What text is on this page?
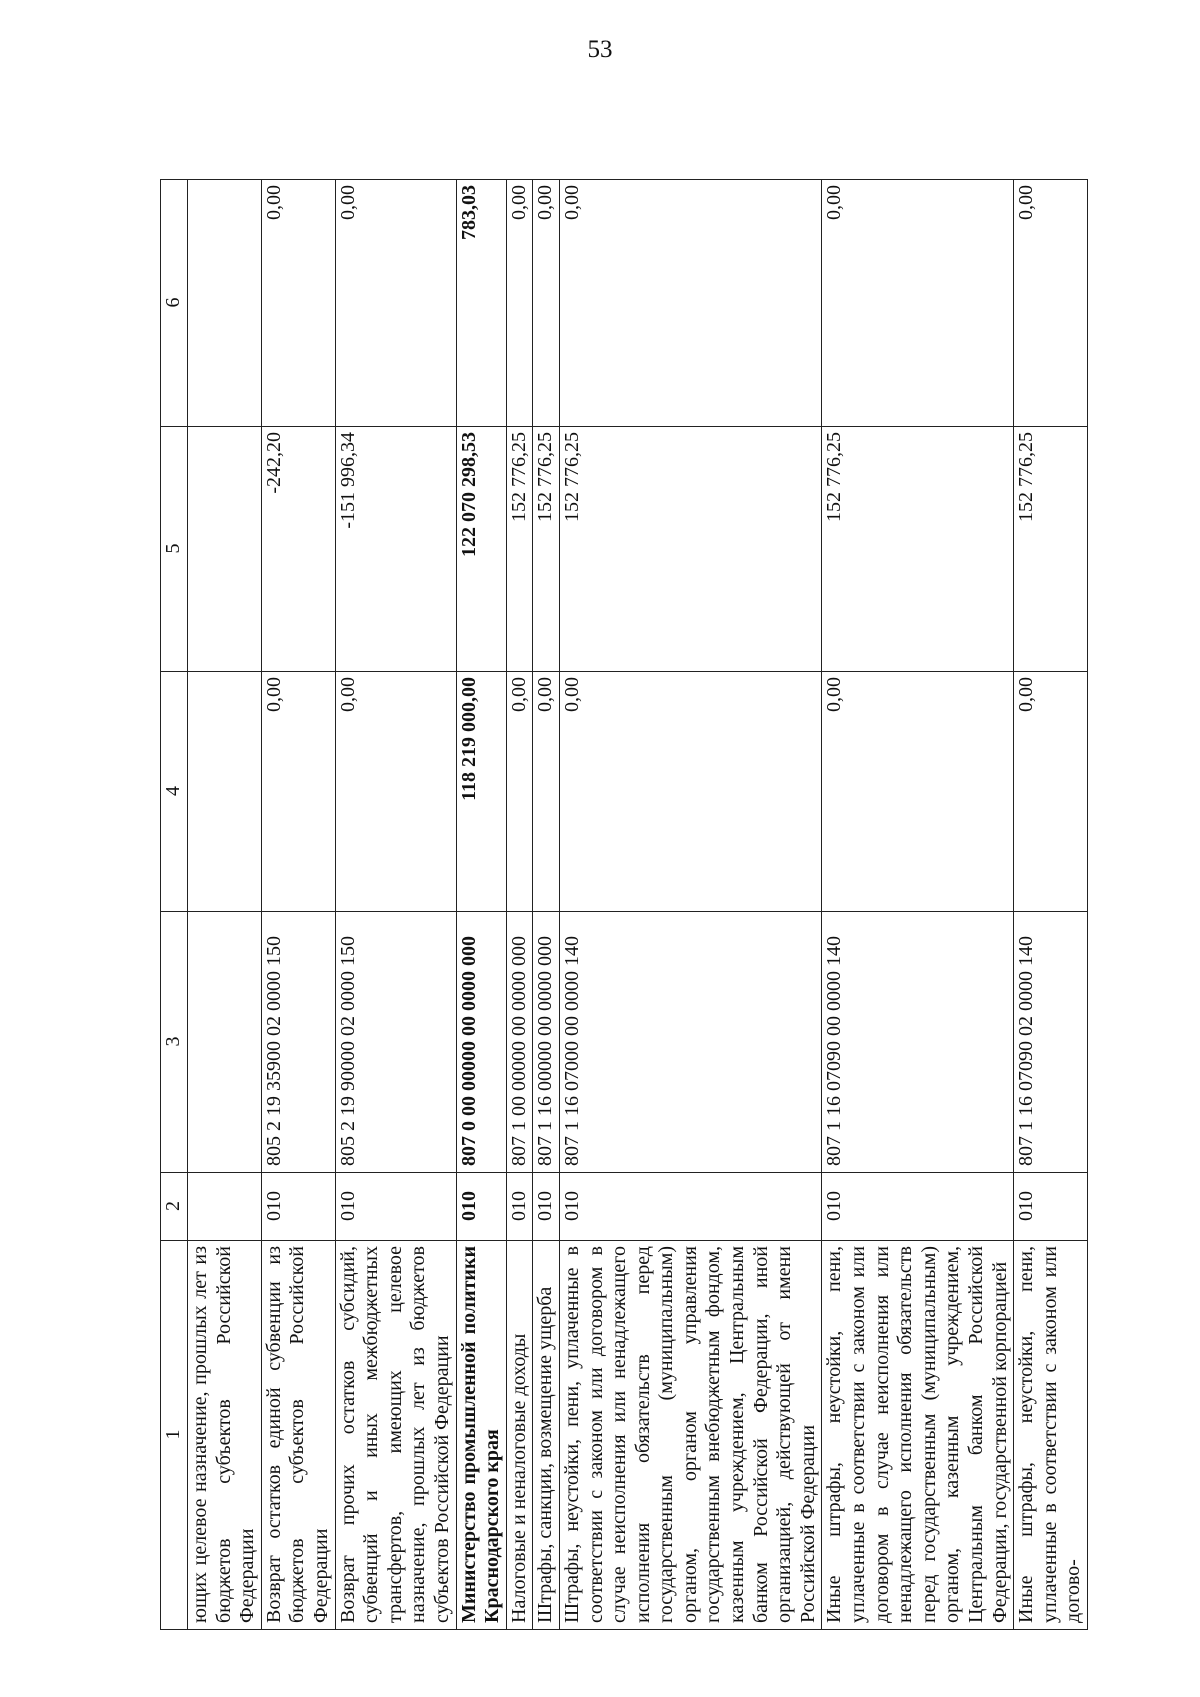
53
1	2	3	4	5	6
ющих целевое назначение, прошлых лет из бюджетов субъектов Российской Федерации					
Возврат остатков единой субвенции из бюджетов субъектов Российской Федерации	010	805 2 19 35900 02 0000 150	0,00	-242,20	0,00
Возврат прочих остатков субсидий, субвенций и иных межбюджетных трансфертов, имеющих целевое назначение, прошлых лет из бюджетов субъектов Российской Федерации	010	805 2 19 90000 02 0000 150	0,00	-151 996,34	0,00
Министерство промышленной политики Краснодарского края	010	807 0 00 00000 00 0000 000	118 219 000,00	122 070 298,53	783,03
Налоговые и неналоговые доходы	010	807 1 00 00000 00 0000 000	0,00	152 776,25	0,00
Штрафы, санкции, возмещение ущерба	010	807 1 16 00000 00 0000 000	0,00	152 776,25	0,00
Штрафы, неустойки, пени, уплаченные в соответствии с законом или договором в случае неисполнения или ненадлежащего исполнения обязательств перед государственным (муниципальным) органом, органом управления государственным внебюджетным фондом, казенным учреждением, Центральным банком Российской Федерации, иной организацией, действующей от имени Российской Федерации	010	807 1 16 07000 00 0000 140	0,00	152 776,25	0,00
Иные штрафы, неустойки, пени, уплаченные в соответствии с законом или договором в случае неисполнения или ненадлежащего исполнения обязательств перед государственным (муниципальным) органом, казенным учреждением, Центральным банком Российской Федерации, государственной корпорацией	010	807 1 16 07090 00 0000 140	0,00	152 776,25	0,00
Иные штрафы, неустойки, пени, уплаченные в соответствии с законом или догово-	010	807 1 16 07090 02 0000 140	0,00	152 776,25	0,00
